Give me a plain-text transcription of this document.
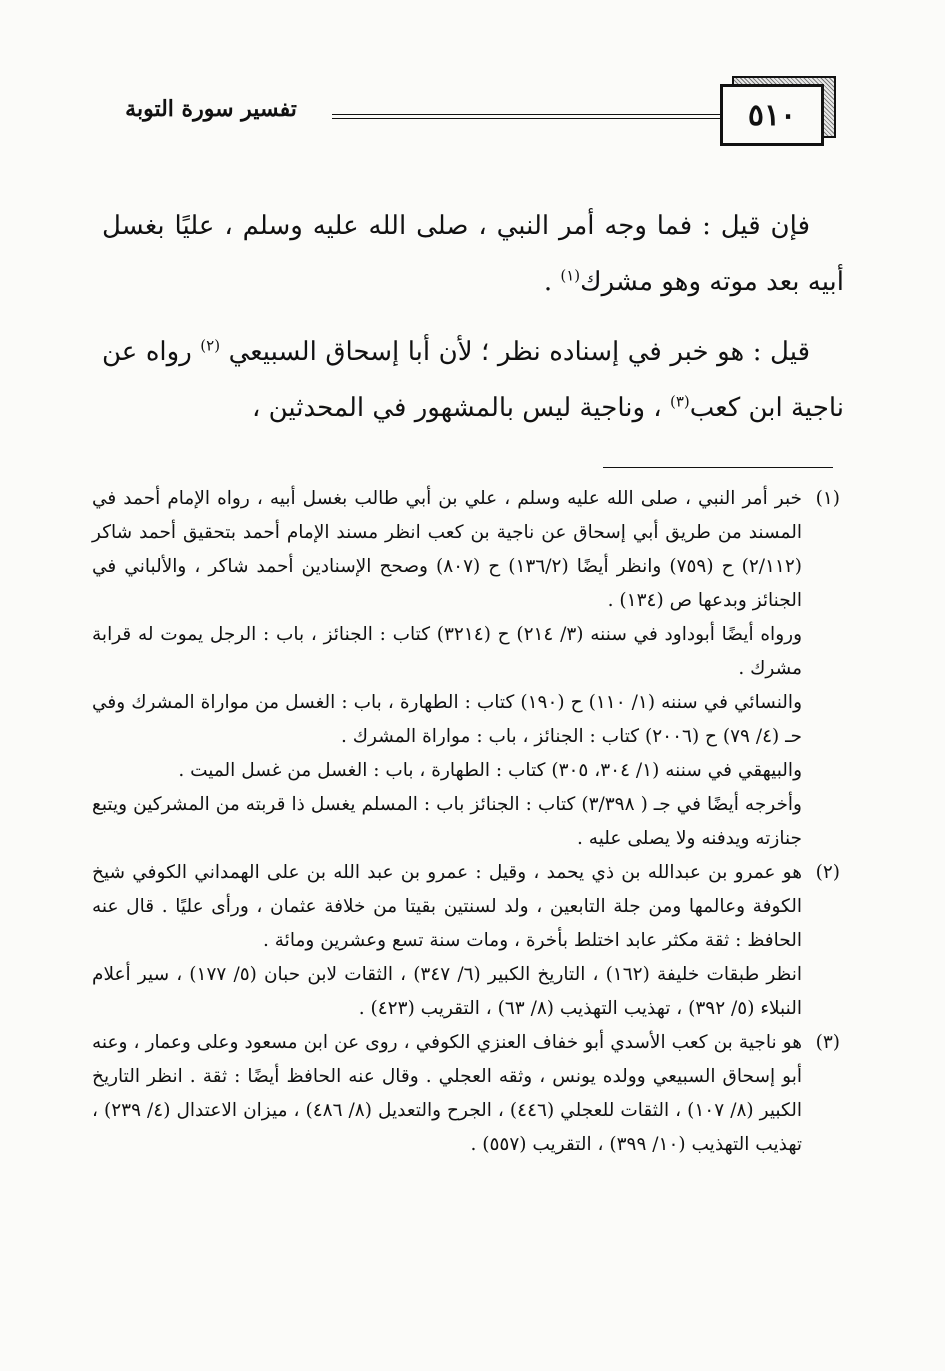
٥١٠
تفسير سورة التوبة

فإن قيل : فما وجه أمر النبي ، صلى الله عليه وسلم ، عليًا بغسل أبيه بعد موته وهو مشرك$^{(١)}$ .

قيل : هو خبر في إسناده نظر ؛ لأن أبا إسحاق السبيعي $^{(٢)}$ رواه عن ناجية ابن كعب$^{(٣)}$ ، وناجية ليس بالمشهور في المحدثين ،

(١)

خبر أمر النبي ، صلى الله عليه وسلم ، علي بن أبي طالب بغسل أبيه ، رواه الإمام أحمد في المسند من طريق أبي إسحاق عن ناجية بن كعب انظر مسند الإمام أحمد بتحقيق أحمد شاكر (٢/١١٢) ح (٧٥٩) وانظر أيضًا (١٣٦/٢) ح (٨٠٧) وصحح الإسنادين أحمد شاكر ، والألباني في الجنائز وبدعها ص (١٣٤) .

ورواه أيضًا أبوداود في سننه (٣/ ٢١٤) ح (٣٢١٤) كتاب : الجنائز ، باب : الرجل يموت له قرابة مشرك .

والنسائي في سننه (١/ ١١٠) ح (١٩٠) كتاب : الطهارة ، باب : الغسل من مواراة المشرك وفي حـ (٤/ ٧٩) ح (٢٠٠٦) كتاب : الجنائز ، باب : مواراة المشرك .

والبيهقي في سننه (١/ ٣٠٤، ٣٠٥) كتاب : الطهارة ، باب : الغسل من غسل الميت .

وأخرجه أيضًا في جـ ( ٣/٣٩٨) كتاب : الجنائز باب : المسلم يغسل ذا قربته من المشركين ويتبع جنازته ويدفنه ولا يصلى عليه .

(٢)

هو عمرو بن عبدالله بن ذي يحمد ، وقيل : عمرو بن عبد الله بن على الهمداني الكوفي شيخ الكوفة وعالمها ومن جلة التابعين ، ولد لسنتين بقيتا من خلافة عثمان ، ورأى عليًا . قال عنه الحافظ : ثقة مكثر عابد اختلط بأخرة ، ومات سنة تسع وعشرين ومائة .

انظر طبقات خليفة (١٦٢) ، التاريخ الكبير (٦/ ٣٤٧) ، الثقات لابن حبان (٥/ ١٧٧) ، سير أعلام النبلاء (٥/ ٣٩٢) ، تهذيب التهذيب (٨/ ٦٣) ، التقريب (٤٢٣) .

(٣)

هو ناجية بن كعب الأسدي أبو خفاف العنزي الكوفي ، روى عن ابن مسعود وعلى وعمار ، وعنه أبو إسحاق السبيعي وولده يونس ، وثقه العجلي . وقال عنه الحافظ أيضًا : ثقة . انظر التاريخ الكبير (٨/ ١٠٧) ، الثقات للعجلي (٤٤٦) ، الجرح والتعديل (٨/ ٤٨٦) ، ميزان الاعتدال (٤/ ٢٣٩) ، تهذيب التهذيب (١٠/ ٣٩٩) ، التقريب (٥٥٧) .
